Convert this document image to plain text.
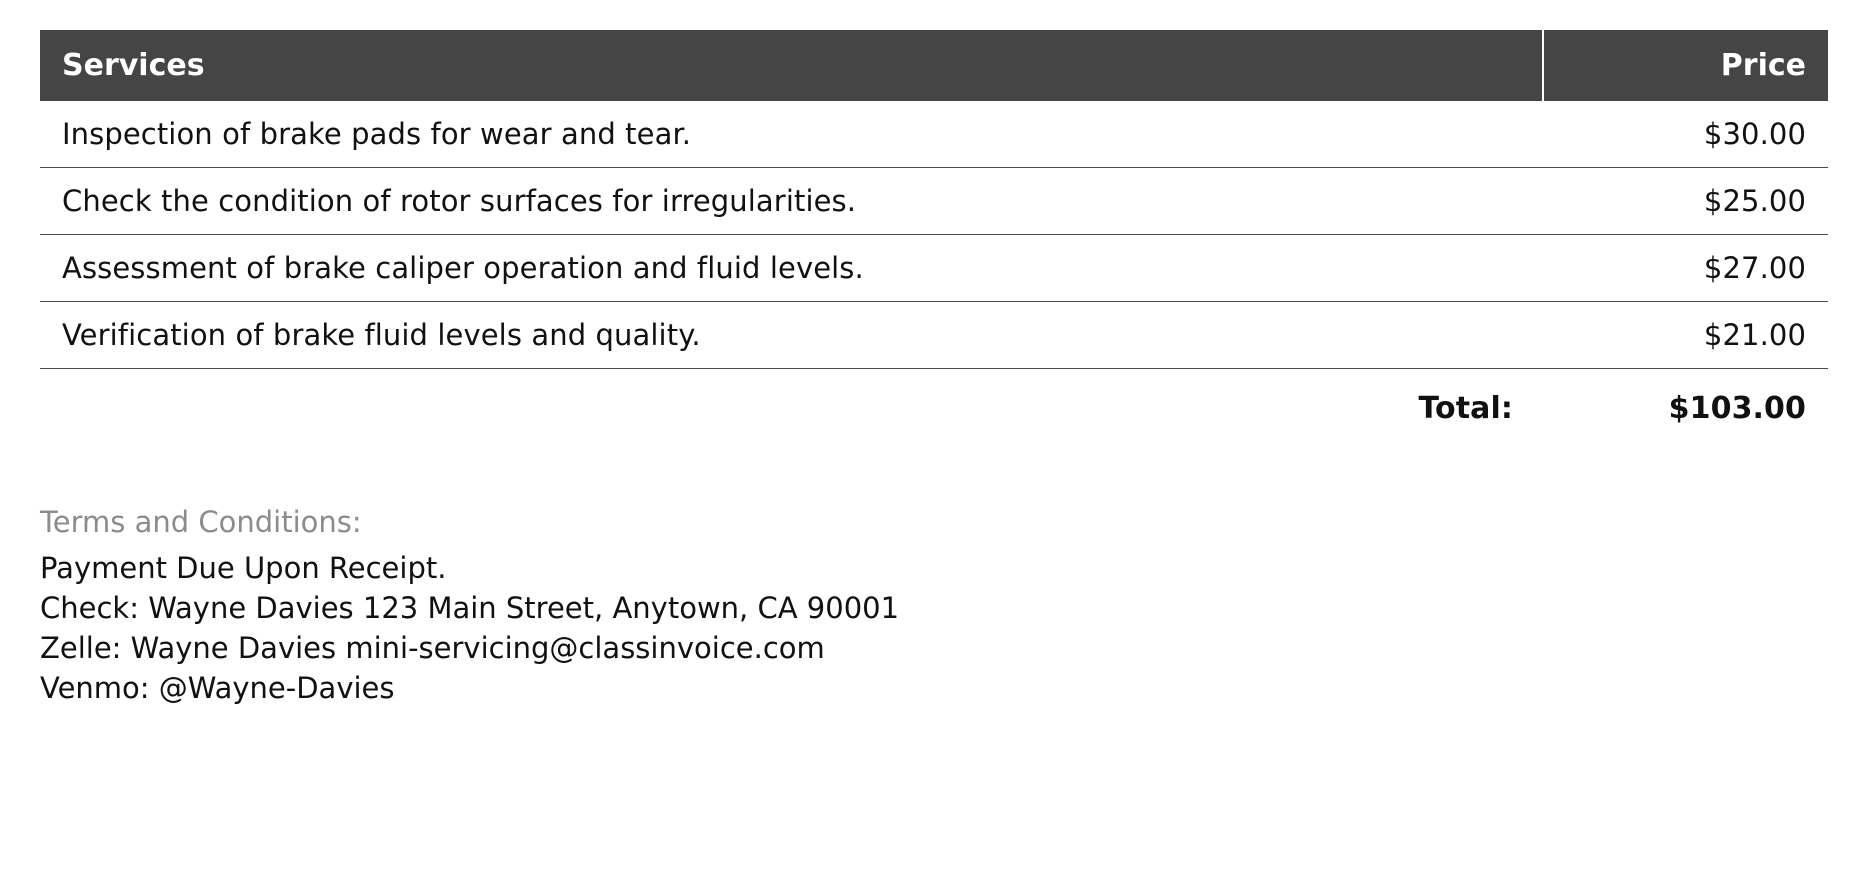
Services	Price
Inspection of brake pads for wear and tear.	$30.00
Check the condition of rotor surfaces for irregularities.	$25.00
Assessment of brake caliper operation and fluid levels.	$27.00
Verification of brake fluid levels and quality.	$21.00
Total:	$103.00
Terms and Conditions:
Payment Due Upon Receipt.
Check: Wayne Davies 123 Main Street, Anytown, CA 90001
Zelle: Wayne Davies mini-servicing@classinvoice.com
Venmo: @Wayne-Davies
